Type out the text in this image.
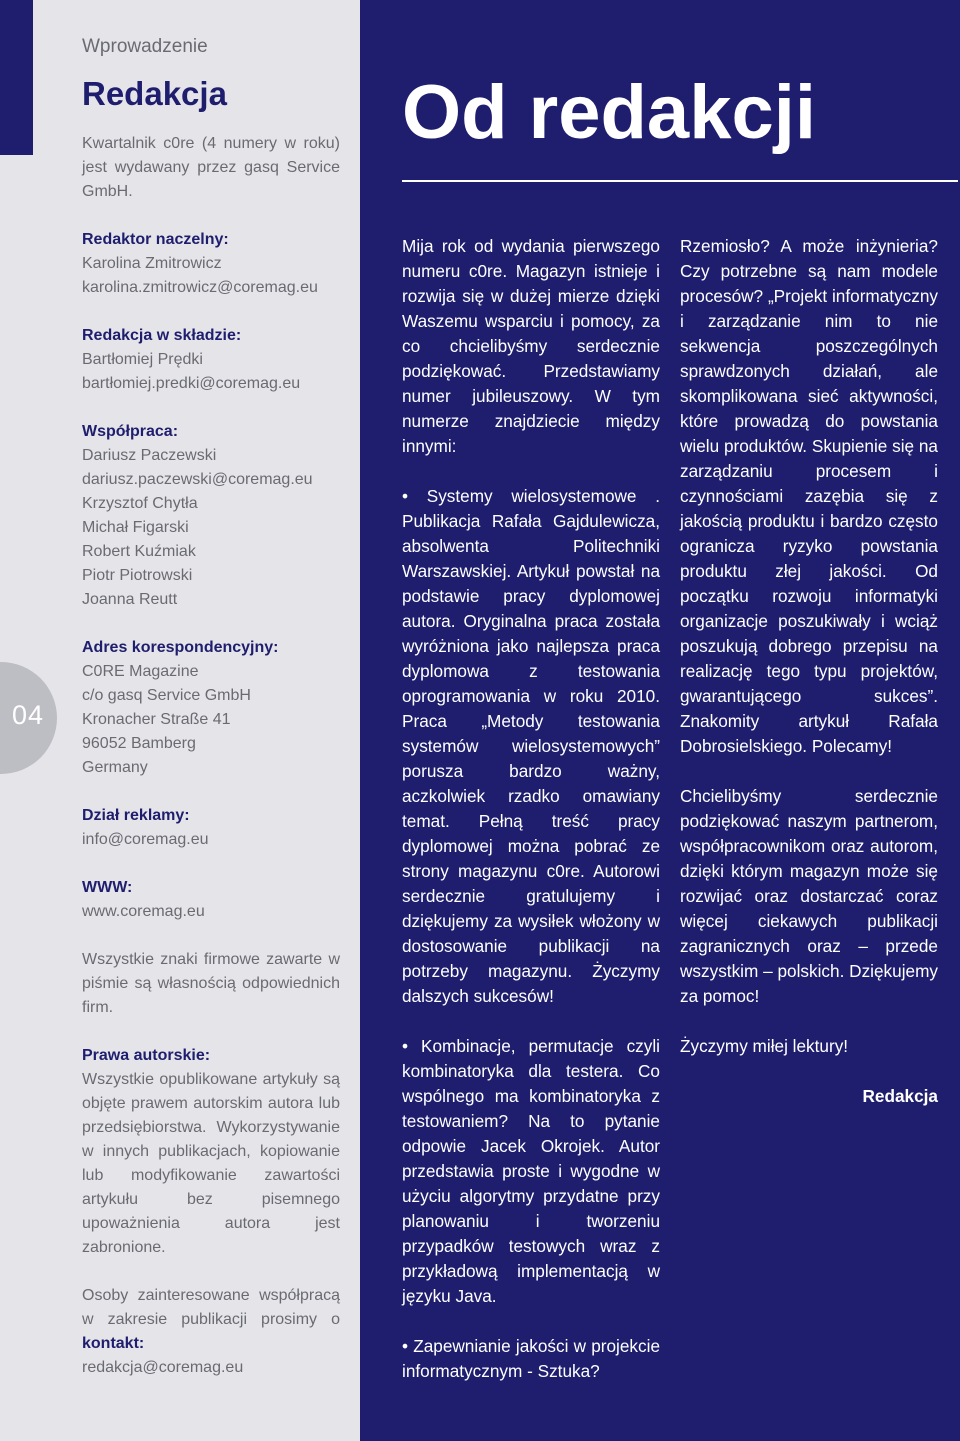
04

Wprowadzenie

Redakcja

Kwartalnik c0re (4 numery w roku) jest wydawany przez gasq Service GmbH.

Redaktor naczelny:
Karolina Zmitrowicz
karolina.zmitrowicz@coremag.eu

Redakcja w składzie:
Bartłomiej Prędki
bartłomiej.predki@coremag.eu

Współpraca:
Dariusz Paczewski
dariusz.paczewski@coremag.eu
Krzysztof Chytła
Michał Figarski
Robert Kuźmiak
Piotr Piotrowski
Joanna Reutt

Adres korespondencyjny:
C0RE Magazine
c/o gasq Service GmbH
Kronacher Straße 41
96052 Bamberg
Germany

Dział reklamy:
info@coremag.eu

WWW:
www.coremag.eu

Wszystkie znaki firmowe zawarte w piśmie są własnością odpowiednich firm.

Prawa autorskie:
Wszystkie opublikowane artykuły są objęte prawem autorskim autora lub przedsiębiorstwa. Wykorzystywanie w innych publikacjach, kopiowanie lub modyfikowanie zawartości artykułu bez pisemnego upoważnienia autora jest zabronione.

Osoby zainteresowane współpracą w zakresie publikacji prosimy o kontakt:
redakcja@coremag.eu

Od redakcji

Mija rok od wydania pierwszego numeru c0re. Magazyn istnieje i rozwija się w dużej mierze dzięki Waszemu wsparciu i pomocy, za co chcielibyśmy serdecznie podziękować. Przedstawiamy numer jubileuszowy. W tym numerze znajdziecie między innymi:

• Systemy wielosystemowe . Publikacja Rafała Gajdulewicza, absolwenta Politechniki Warszawskiej. Artykuł powstał na podstawie pracy dyplomowej autora. Oryginalna praca została wyróżniona jako najlepsza praca dyplomowa z testowania oprogramowania w roku 2010. Praca „Metody testowania systemów wielosystemowych” porusza bardzo ważny, aczkolwiek rzadko omawiany temat. Pełną treść pracy dyplomowej można pobrać ze strony magazynu c0re. Autorowi serdecznie gratulujemy i dziękujemy za wysiłek włożony w dostosowanie publikacji na potrzeby magazynu. Życzymy dalszych sukcesów!

• Kombinacje, permutacje czyli kombinatoryka dla testera. Co wspólnego ma kombinatoryka z testowaniem? Na to pytanie odpowie Jacek Okrojek. Autor przedstawia proste i wygodne w użyciu algorytmy przydatne przy planowaniu i tworzeniu przypadków testowych wraz z przykładową implementacją w języku Java.

• Zapewnianie jakości w projekcie informatycznym - Sztuka?

Rzemiosło? A może inżynieria? Czy potrzebne są nam modele procesów? „Projekt informatyczny i zarządzanie nim to nie sekwencja poszczególnych sprawdzonych działań, ale skomplikowana sieć aktywności, które prowadzą do powstania wielu produktów. Skupienie się na zarządzaniu procesem i czynnościami zazębia się z jakością produktu i bardzo często ogranicza ryzyko powstania produktu złej jakości. Od początku rozwoju informatyki organizacje poszukiwały i wciąż poszukują dobrego przepisu na realizację tego typu projektów, gwarantującego sukces”. Znakomity artykuł Rafała Dobrosielskiego. Polecamy!

Chcielibyśmy serdecznie podziękować naszym partnerom, współpracownikom oraz autorom, dzięki którym magazyn może się rozwijać oraz dostarczać coraz więcej ciekawych publikacji zagranicznych oraz – przede wszystkim – polskich. Dziękujemy za pomoc!

Życzymy miłej lektury!

Redakcja
